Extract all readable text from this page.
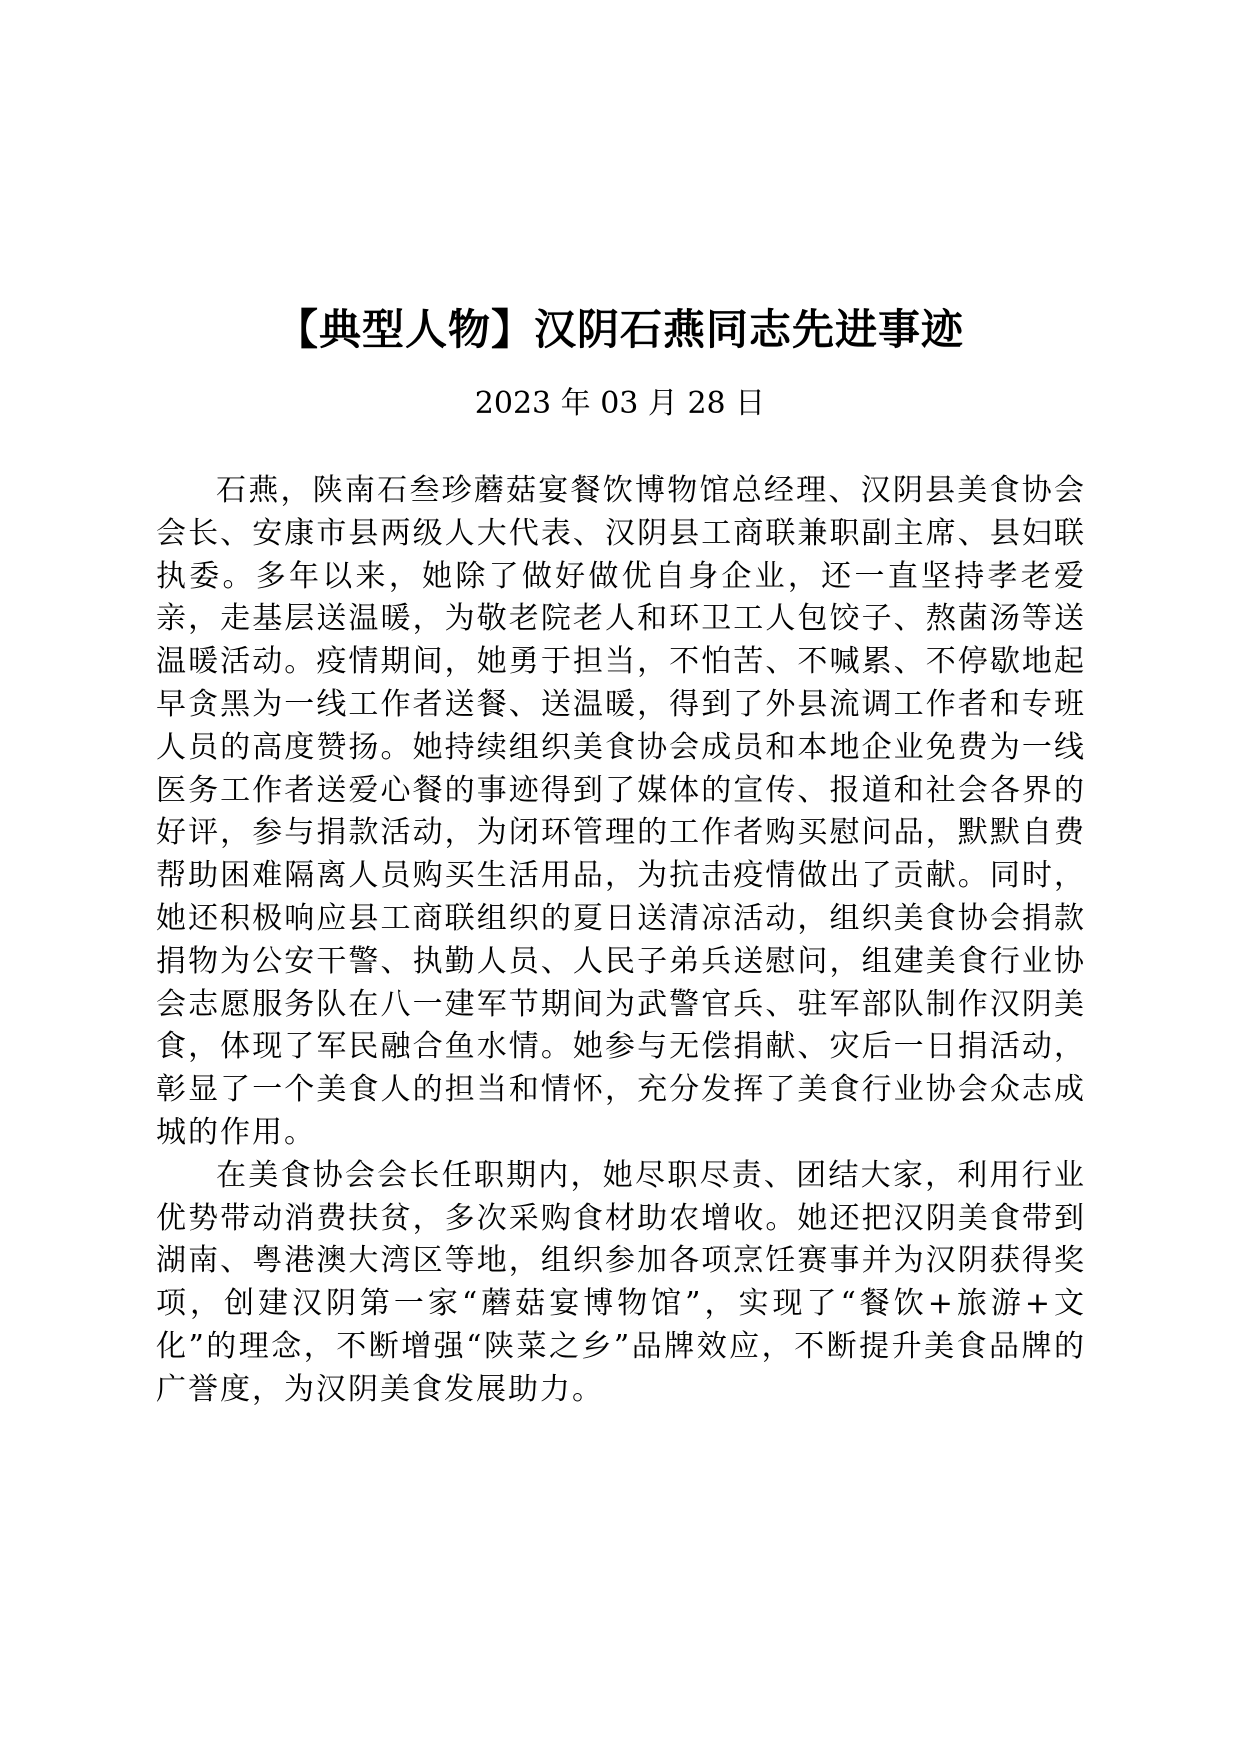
【典型人物】汉阴石燕同志先进事迹
2023 年 03 月 28 日

石燕，陕南石叁珍蘑菇宴餐饮博物馆总经理、汉阴县美食协会会长、安康市县两级人大代表、汉阴县工商联兼职副主席、县妇联执委。多年以来，她除了做好做优自身企业，还一直坚持孝老爱亲，走基层送温暖，为敬老院老人和环卫工人包饺子、熬菌汤等送温暖活动。疫情期间，她勇于担当，不怕苦、不喊累、不停歇地起早贪黑为一线工作者送餐、送温暖，得到了外县流调工作者和专班人员的高度赞扬。她持续组织美食协会成员和本地企业免费为一线医务工作者送爱心餐的事迹得到了媒体的宣传、报道和社会各界的好评，参与捐款活动，为闭环管理的工作者购买慰问品，默默自费帮助困难隔离人员购买生活用品，为抗击疫情做出了贡献。同时，她还积极响应县工商联组织的夏日送清凉活动，组织美食协会捐款捐物为公安干警、执勤人员、人民子弟兵送慰问，组建美食行业协会志愿服务队在八一建军节期间为武警官兵、驻军部队制作汉阴美食，体现了军民融合鱼水情。她参与无偿捐献、灾后一日捐活动，彰显了一个美食人的担当和情怀，充分发挥了美食行业协会众志成城的作用。

在美食协会会长任职期内，她尽职尽责、团结大家，利用行业优势带动消费扶贫，多次采购食材助农增收。她还把汉阴美食带到湖南、粤港澳大湾区等地，组织参加各项烹饪赛事并为汉阴获得奖项，创建汉阴第一家“蘑菇宴博物馆”，实现了“餐饮+旅游+文化”的理念，不断增强“陕菜之乡”品牌效应，不断提升美食品牌的广誉度，为汉阴美食发展助力。
